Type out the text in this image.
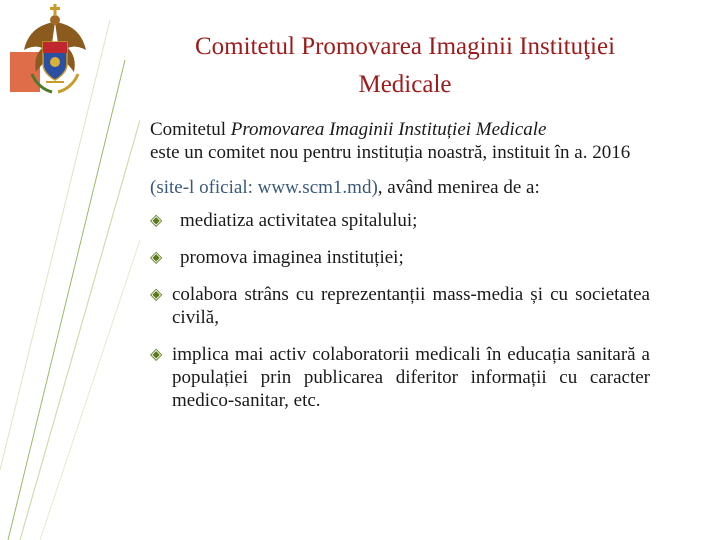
Comitetul Promovarea Imaginii Instituţiei
Medicale

Comitetul Promovarea Imaginii Instituției Medicale

este un comitet nou pentru instituția noastră, instituit în a. 2016

(site-l oficial: www.scm1.md), având menirea de a:
◈ mediatiza activitatea spitalului;
◈ promova imaginea instituției;
◈ colabora strâns cu reprezentanții mass-media și cu societatea civilă,
◈ implica mai activ colaboratorii medicali în educația sanitară a populației prin publicarea diferitor informații cu caracter medico-sanitar, etc.
